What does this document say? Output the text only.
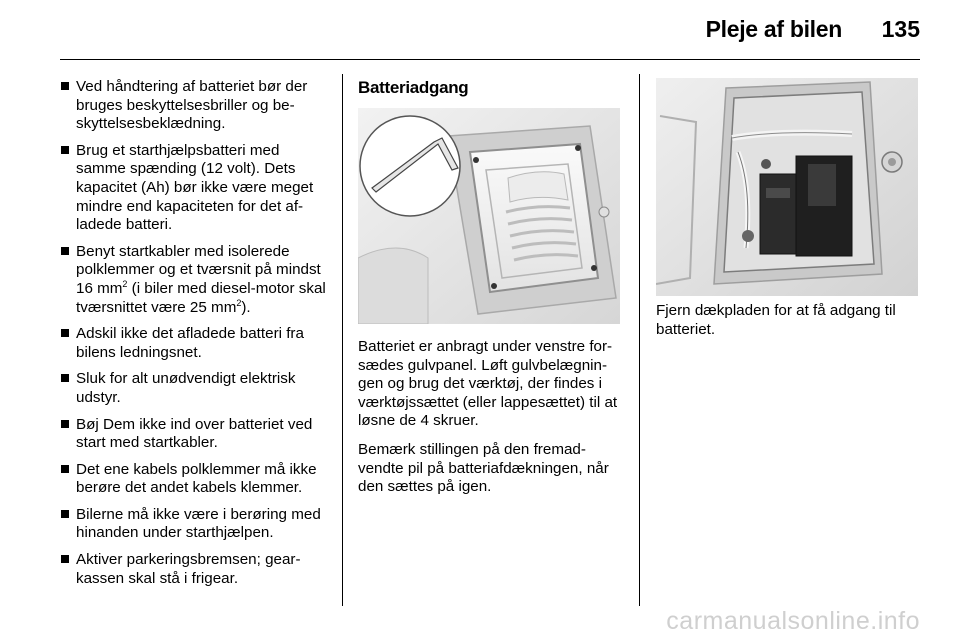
Pleje af bilen 135
Ved håndtering af batteriet bør der bruges beskyttelsesbriller og be-skyttelsesbeklædning.
Brug et starthjælpsbatteri med samme spænding (12 volt). Dets kapacitet (Ah) bør ikke være meget mindre end kapaciteten for det af-ladede batteri.
Benyt startkabler med isolerede polklemmer og et tværsnit på mindst 16 $mm^2$ (i biler med diesel-motor skal tværsnittet være 25 $mm^2$).
Adskil ikke det afladede batteri fra bilens ledningsnet.
Sluk for alt unødvendigt elektrisk udstyr.
Bøj Dem ikke ind over batteriet ved start med startkabler.
Det ene kabels polklemmer må ikke berøre det andet kabels klemmer.
Bilerne må ikke være i berøring med hinanden under starthjælpen.
Aktiver parkeringsbremsen; gear-kassen skal stå i frigear.
Batteriadgang

Batteriet er anbragt under venstre for-sædes gulvpanel. Løft gulvbelægnin-gen og brug det værktøj, der findes i værktøjssættet (eller lappesættet) til at løsne de 4 skruer.

Bemærk stillingen på den fremad-vendte pil på batteriafdækningen, når den sættes på igen.

Fjern dækpladen for at få adgang til batteriet.

carmanualsonline.info
